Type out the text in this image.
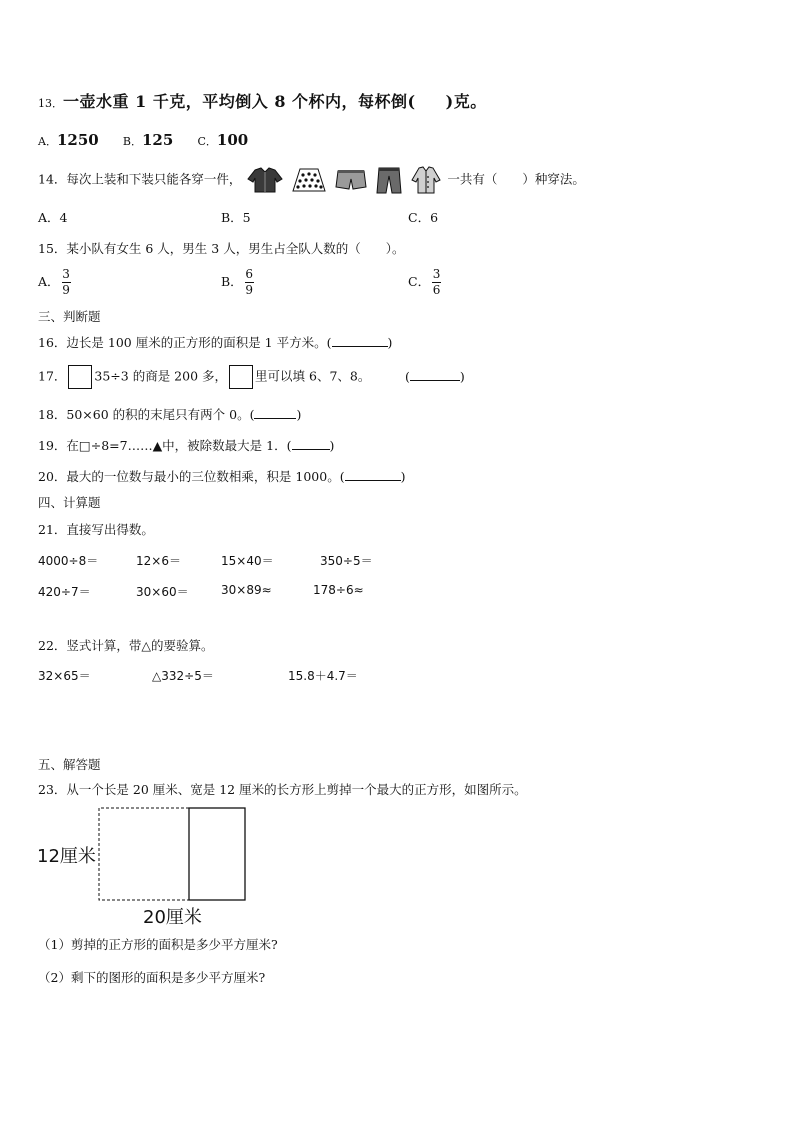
13．一壶水重 1 千克，平均倒入 8 个杯内，每杯倒( )克。
A．1250 B．125 C．100
14．每次上装和下装只能各穿一件，	一共有（　　）种穿法。
A．4	B．5	C．6
15．某小队有女生 6 人，男生 3 人，男生占全队人数的（　　）。
A． $\frac{3}{9}$	B． $\frac{6}{9}$	C． $\frac{3}{6}$
三、判断题
16．边长是 100 厘米的正方形的面积是 1 平方米。(	)
17． 35÷3 的商是 200 多， 里可以填 6、7、8。	(	)
18．50×60 的积的末尾只有两个 0。(	)
19．在□÷8=7……▲中，被除数最大是 1．(	)
20．最大的一位数与最小的三位数相乘，积是 1000。(	)
四、计算题
21．直接写出得数。
4000÷8＝	12×6＝	15×40＝	350÷5＝
420÷7＝	30×60＝	30×89≈	178÷6≈
22．竖式计算，带△的要验算。
32×65＝	△332÷5＝	15.8＋4.7＝
五、解答题
23．从一个长是 20 厘米、宽是 12 厘米的长方形上剪掉一个最大的正方形，如图所示。
12厘米
20厘米
（1）剪掉的正方形的面积是多少平方厘米?
（2）剩下的图形的面积是多少平方厘米?
